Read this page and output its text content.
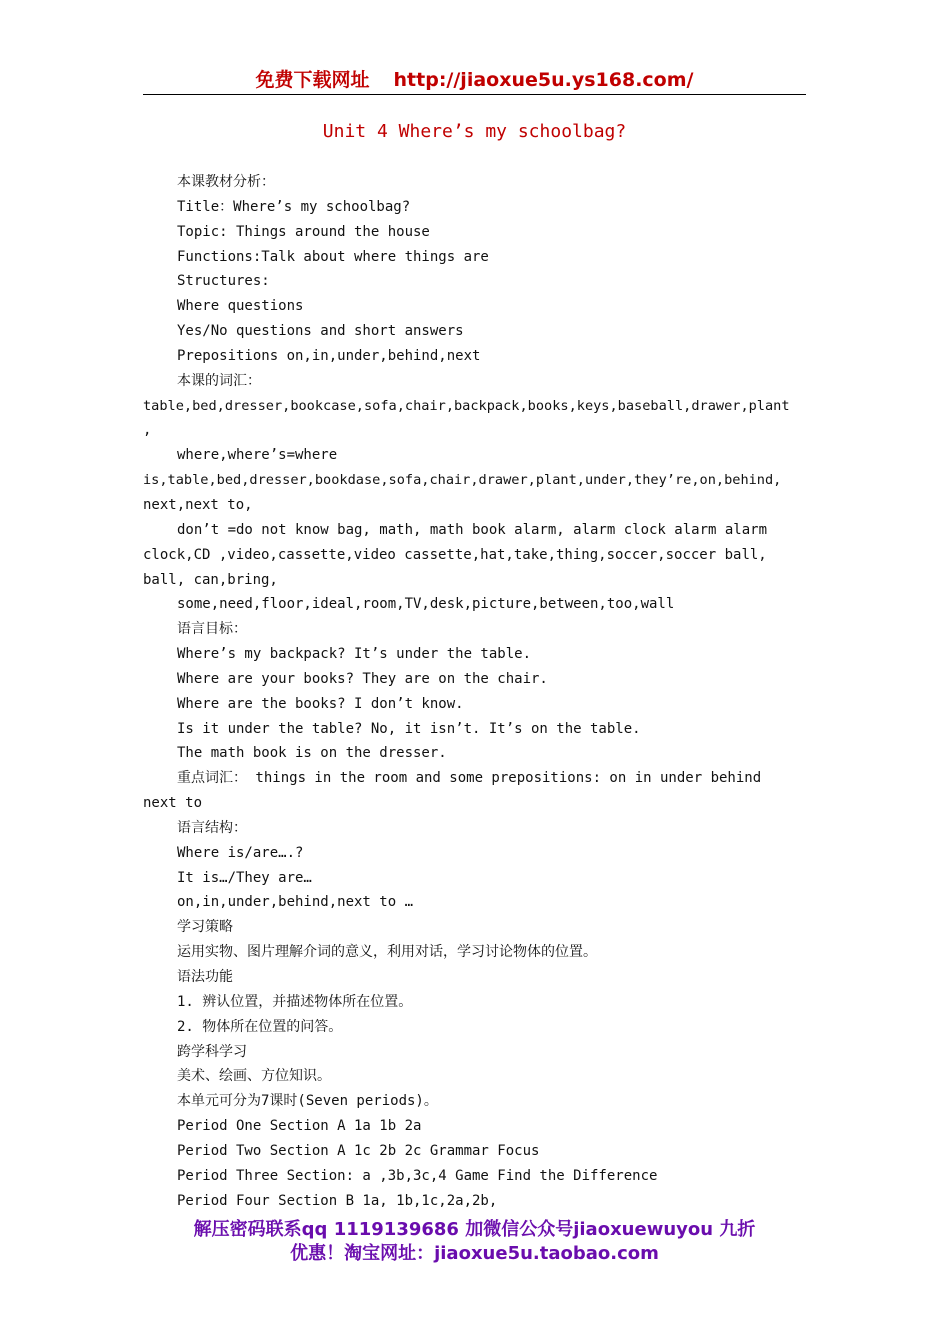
免费下载网址 http://jiaoxue5u.ys168.com/
Unit 4 Where’s my schoolbag?
本课教材分析：
Title：Where’s my schoolbag?
Topic: Things around the house
Functions:Talk about where things are
Structures:
Where questions
Yes/No questions and short answers
Prepositions on,in,under,behind,next
本课的词汇：
table,bed,dresser,bookcase,sofa,chair,backpack,books,keys,baseball,drawer,plant
,
where,where’s=where
is,table,bed,dresser,bookdase,sofa,chair,drawer,plant,under,they’re,on,behind,
next,next to,
don’t =do not know bag, math, math book alarm, alarm clock alarm alarm
clock,CD ,video,cassette,video cassette,hat,take,thing,soccer,soccer ball,
ball, can,bring,
some,need,floor,ideal,room,TV,desk,picture,between,too,wall
语言目标：
Where’s my backpack? It’s under the table.
Where are your books? They are on the chair.
Where are the books? I don’t know.
Is it under the table? No, it isn’t. It’s on the table.
The math book is on the dresser.
重点词汇： things in the room and some prepositions: on in under behind
next to
语言结构：
Where is/are….?
It is…/They are…
on,in,under,behind,next to …
学习策略
运用实物、图片理解介词的意义，利用对话，学习讨论物体的位置。
语法功能
1. 辨认位置，并描述物体所在位置。
2. 物体所在位置的问答。
跨学科学习
美术、绘画、方位知识。
本单元可分为7课时(Seven periods)。
Period One Section A 1a 1b 2a
Period Two Section A 1c 2b 2c Grammar Focus
Period Three Section: a ,3b,3c,4 Game Find the Difference
Period Four Section B 1a, 1b,1c,2a,2b,
解压密码联系qq 1119139686 加微信公众号jiaoxuewuyou 九折
优惠！淘宝网址：jiaoxue5u.taobao.com
